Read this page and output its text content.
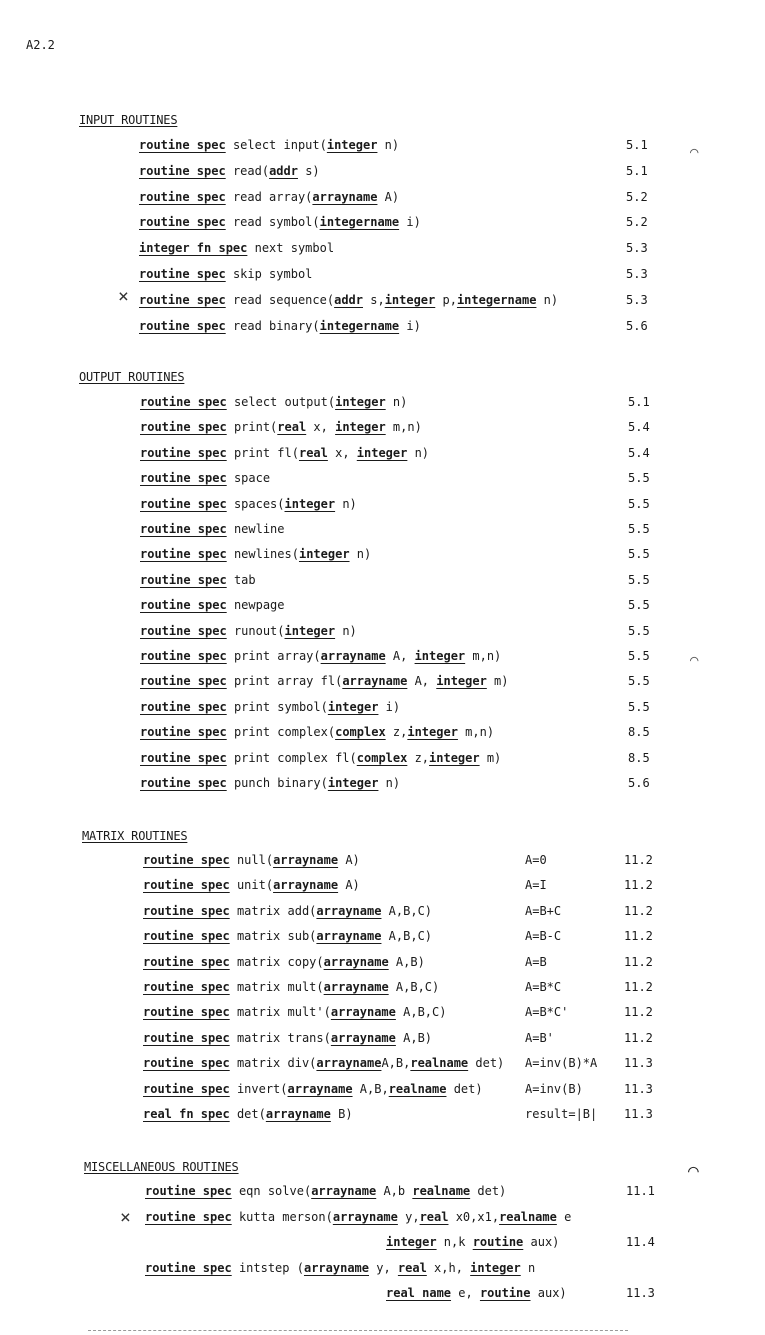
A2.2
INPUT ROUTINES
routine spec select input(integer n)	5.1
routine spec read(addr s)	5.1
routine spec read array(arrayname A)	5.2
routine spec read symbol(integername i)	5.2
integer fn spec next symbol	5.3
routine spec skip symbol	5.3
routine spec read sequence(addr s,integer p,integername n)	5.3
routine spec read binary(integername i)	5.6
OUTPUT ROUTINES
routine spec select output(integer n)	5.1
routine spec print(real x, integer m,n)	5.4
routine spec print fl(real x, integer n)	5.4
routine spec space	5.5
routine spec spaces(integer n)	5.5
routine spec newline	5.5
routine spec newlines(integer n)	5.5
routine spec tab	5.5
routine spec newpage	5.5
routine spec runout(integer n)	5.5
routine spec print array(arrayname A, integer m,n)	5.5
routine spec print array fl(arrayname A, integer m)	5.5
routine spec print symbol(integer i)	5.5
routine spec print complex(complex z,integer m,n)	8.5
routine spec print complex fl(complex z,integer m)	8.5
routine spec punch binary(integer n)	5.6
MATRIX ROUTINES
routine spec null(arrayname A)	A=0	11.2
routine spec unit(arrayname A)	A=I	11.2
routine spec matrix add(arrayname A,B,C)	A=B+C	11.2
routine spec matrix sub(arrayname A,B,C)	A=B-C	11.2
routine spec matrix copy(arrayname A,B)	A=B	11.2
routine spec matrix mult(arrayname A,B,C)	A=B*C	11.2
routine spec matrix mult'(arrayname A,B,C)	A=B*C'	11.2
routine spec matrix trans(arrayname A,B)	A=B'	11.2
routine spec matrix div(arraynameA,B,realname det) A=inv(B)*A 11.3
routine spec invert(arrayname A,B,realname det)	A=inv(B)	11.3
real fn spec det(arrayname B)	result=|B| 11.3
MISCELLANEOUS ROUTINES
routine spec eqn solve(arrayname A,b realname det)	11.1
routine spec kutta merson(arrayname y,real x0,x1,realname e
integer n,k routine aux)	11.4
routine spec intstep (arrayname y, real x,h, integer n
real name e, routine aux)	11.3
⨯
⨯
⌒
⌒
⌒
